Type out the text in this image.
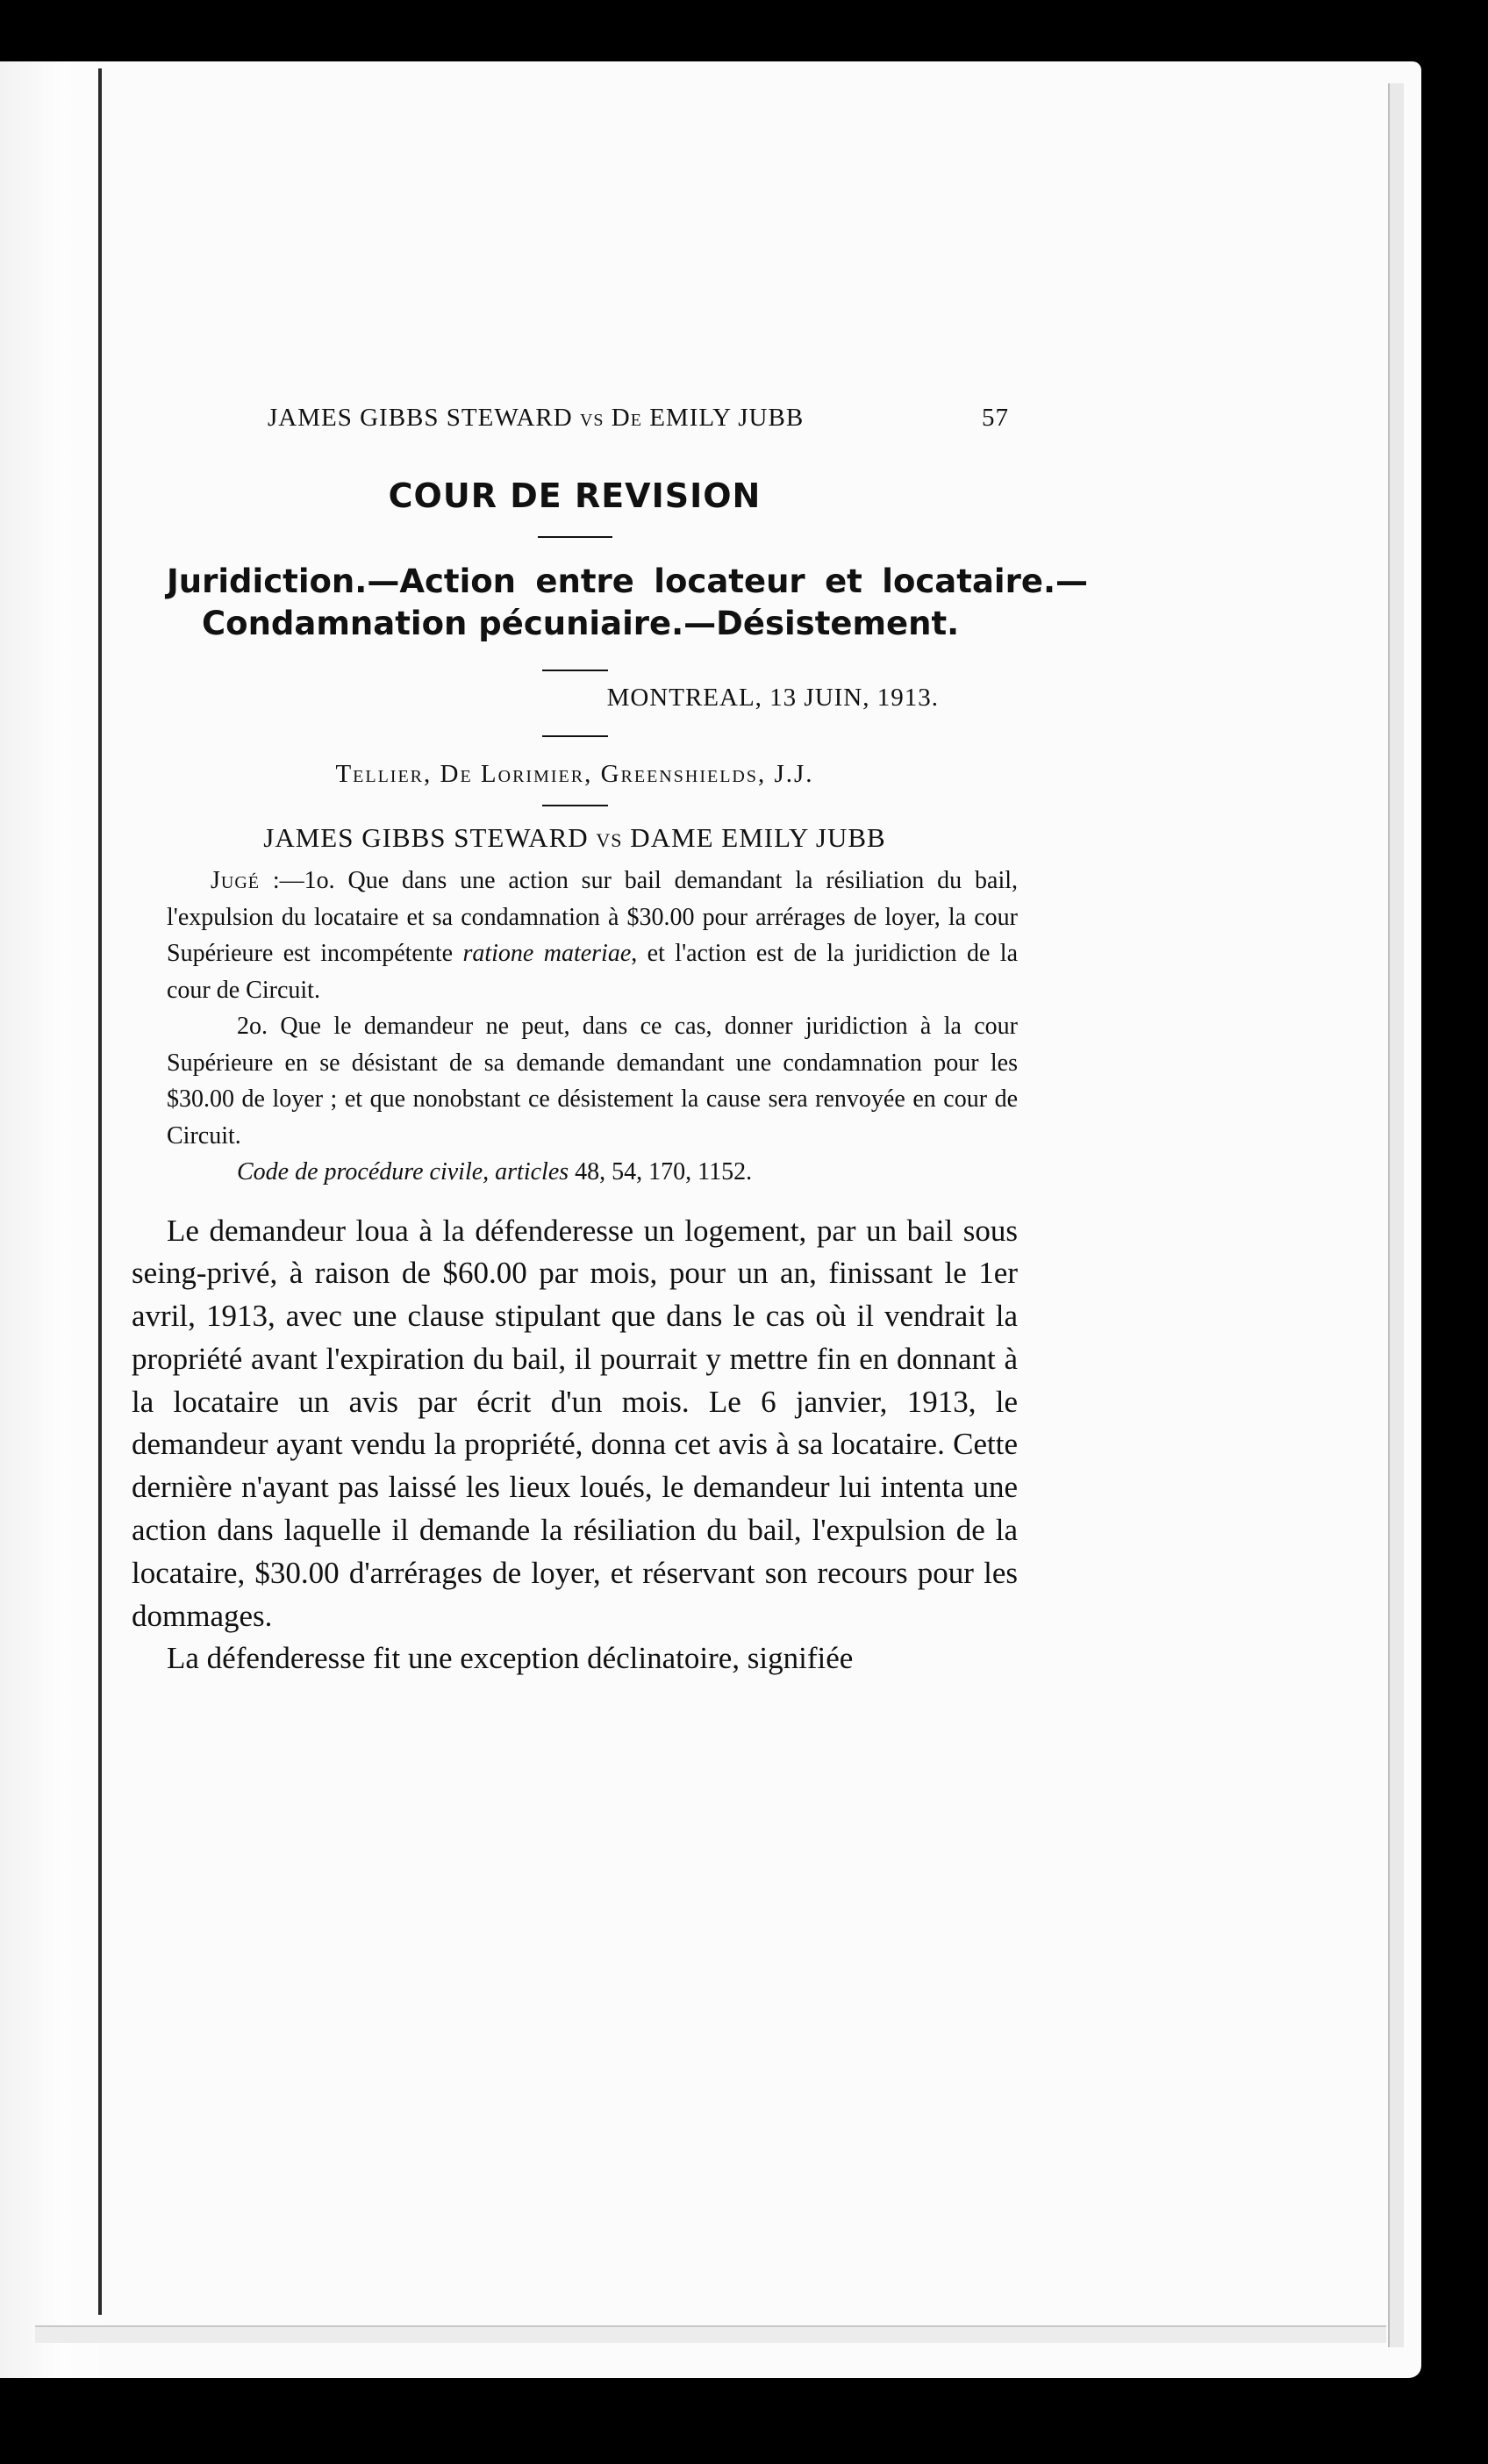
JAMES GIBBS STEWARD vs De EMILY JUBB	57
COUR DE REVISION
Juridiction.—Action entre locateur et locataire.—Condamnation pécuniaire.—Désistement.
MONTREAL, 13 JUIN, 1913.
Tellier, De Lorimier, Greenshields, J.J.
JAMES GIBBS STEWARD vs DAME EMILY JUBB

Jugé :—1o. Que dans une action sur bail demandant la résiliation du bail, l'expulsion du locataire et sa condamnation à $30.00 pour arrérages de loyer, la cour Supérieure est incompétente ratione materiae, et l'action est de la juridiction de la cour de Circuit.

2o. Que le demandeur ne peut, dans ce cas, donner juridiction à la cour Supérieure en se désistant de sa demande demandant une condamnation pour les $30.00 de loyer ; et que nonobstant ce désistement la cause sera renvoyée en cour de Circuit.

Code de procédure civile, articles 48, 54, 170, 1152.

Le demandeur loua à la défenderesse un logement, par un bail sous seing-privé, à raison de $60.00 par mois, pour un an, finissant le 1er avril, 1913, avec une clause stipulant que dans le cas où il vendrait la propriété avant l'expiration du bail, il pourrait y mettre fin en donnant à la locataire un avis par écrit d'un mois. Le 6 janvier, 1913, le demandeur ayant vendu la propriété, donna cet avis à sa locataire. Cette dernière n'ayant pas laissé les lieux loués, le demandeur lui intenta une action dans laquelle il demande la résiliation du bail, l'expulsion de la locataire, $30.00 d'arrérages de loyer, et réservant son recours pour les dommages.

La défenderesse fit une exception déclinatoire, signifiée
